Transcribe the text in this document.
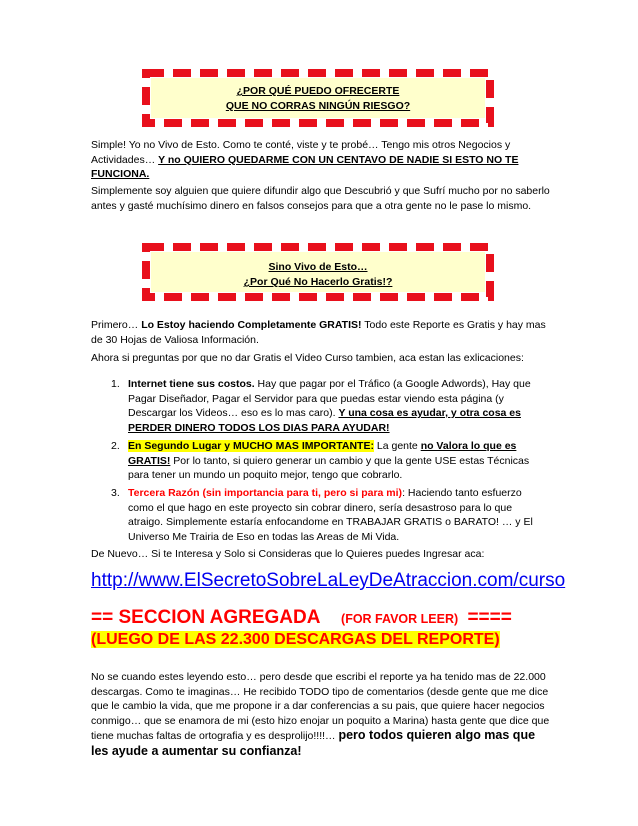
¿POR QUÉ PUEDO OFRECERTE
QUE NO CORRAS NINGÚN RIESGO?
Simple! Yo no Vivo de Esto. Como te conté, viste y te probé… Tengo mis otros Negocios y Actividades… Y no QUIERO QUEDARME CON UN CENTAVO DE NADIE SI ESTO NO TE FUNCIONA.
Simplemente soy alguien que quiere difundir algo que Descubrió y que Sufrí mucho por no saberlo antes y gasté muchísimo dinero en falsos consejos para que a otra gente no le pase lo mismo.
Sino Vivo de Esto…
¿Por Qué No Hacerlo Gratis!?
Primero… Lo Estoy haciendo Completamente GRATIS! Todo este Reporte es Gratis y hay mas de 30 Hojas de Valiosa Información.
Ahora si preguntas por que no dar Gratis el Video Curso tambien, aca estan las exlicaciones:
1. Internet tiene sus costos. Hay que pagar por el Tráfico (a Google Adwords), Hay que Pagar Diseñador, Pagar el Servidor para que puedas estar viendo esta página (y Descargar los Videos… eso es lo mas caro). Y una cosa es ayudar, y otra cosa es PERDER DINERO TODOS LOS DIAS PARA AYUDAR!
2. En Segundo Lugar y MUCHO MAS IMPORTANTE: La gente no Valora lo que es GRATIS! Por lo tanto, si quiero generar un cambio y que la gente USE estas Técnicas para tener un mundo un poquito mejor, tengo que cobrarlo.
3. Tercera Razón (sin importancia para ti, pero si para mi): Haciendo tanto esfuerzo como el que hago en este proyecto sin cobrar dinero, sería desastroso para lo que atraigo. Simplemente estaría enfocandome en TRABAJAR GRATIS o BARATO! … y El Universo Me Trairia de Eso en todas las Areas de Mi Vida.
De Nuevo… Si te Interesa y Solo si Consideras que lo Quieres puedes Ingresar aca:
http://www.ElSecretoSobreLaLeyDeAtraccion.com/curso
== SECCION AGREGADA (FOR FAVOR LEER) ====
(LUEGO DE LAS 22.300 DESCARGAS DEL REPORTE)
No se cuando estes leyendo esto… pero desde que escribi el reporte ya ha tenido mas de 22.000 descargas. Como te imaginas… He recibido TODO tipo de comentarios (desde gente que me dice que le cambio la vida, que me propone ir a dar conferencias a su pais, que quiere hacer negocios conmigo… que se enamora de mi (esto hizo enojar un poquito a Marina) hasta gente que dice que tiene muchas faltas de ortografia y es desprolijo!!!!… pero todos quieren algo mas que les ayude a aumentar su confianza!
